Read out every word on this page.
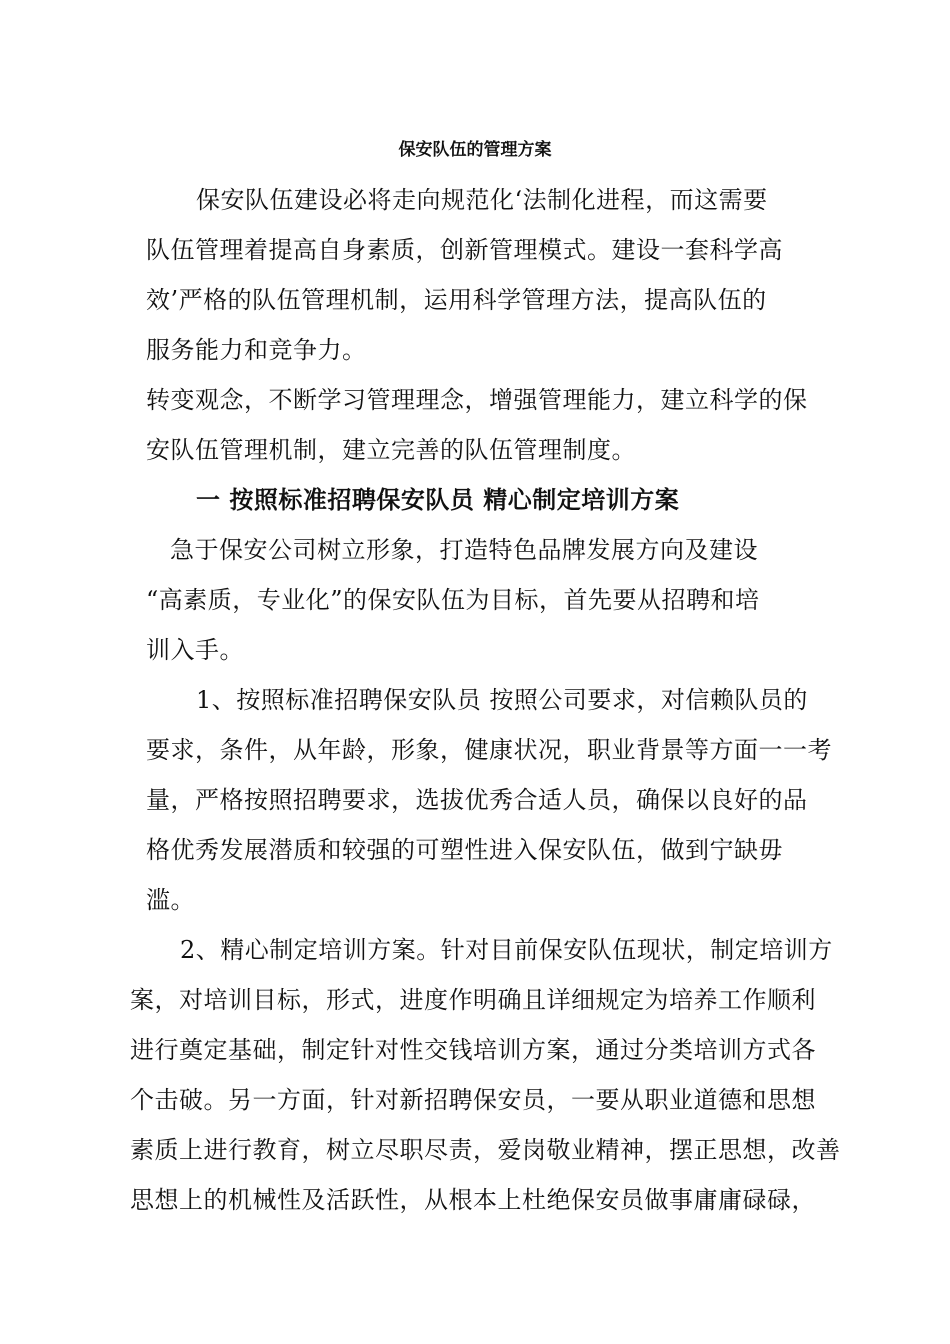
保安队伍的管理方案
保安队伍建设必将走向规范化‘法制化进程，而这需要
队伍管理着提高自身素质，创新管理模式。建设一套科学高
效’严格的队伍管理机制，运用科学管理方法，提高队伍的
服务能力和竞争力。
转变观念，不断学习管理理念，增强管理能力，建立科学的保
安队伍管理机制，建立完善的队伍管理制度。
一 按照标准招聘保安队员 精心制定培训方案
急于保安公司树立形象，打造特色品牌发展方向及建设
“高素质，专业化”的保安队伍为目标，首先要从招聘和培
训入手。
1、按照标准招聘保安队员 按照公司要求，对信赖队员的
要求，条件，从年龄，形象，健康状况，职业背景等方面一一考
量，严格按照招聘要求，选拔优秀合适人员，确保以良好的品
格优秀发展潜质和较强的可塑性进入保安队伍，做到宁缺毋
滥。
2、精心制定培训方案。针对目前保安队伍现状，制定培训方
案，对培训目标，形式，进度作明确且详细规定为培养工作顺利
进行奠定基础，制定针对性交钱培训方案，通过分类培训方式各
个击破。另一方面，针对新招聘保安员，一要从职业道德和思想
素质上进行教育，树立尽职尽责，爱岗敬业精神，摆正思想，改善
思想上的机械性及活跃性，从根本上杜绝保安员做事庸庸碌碌，
